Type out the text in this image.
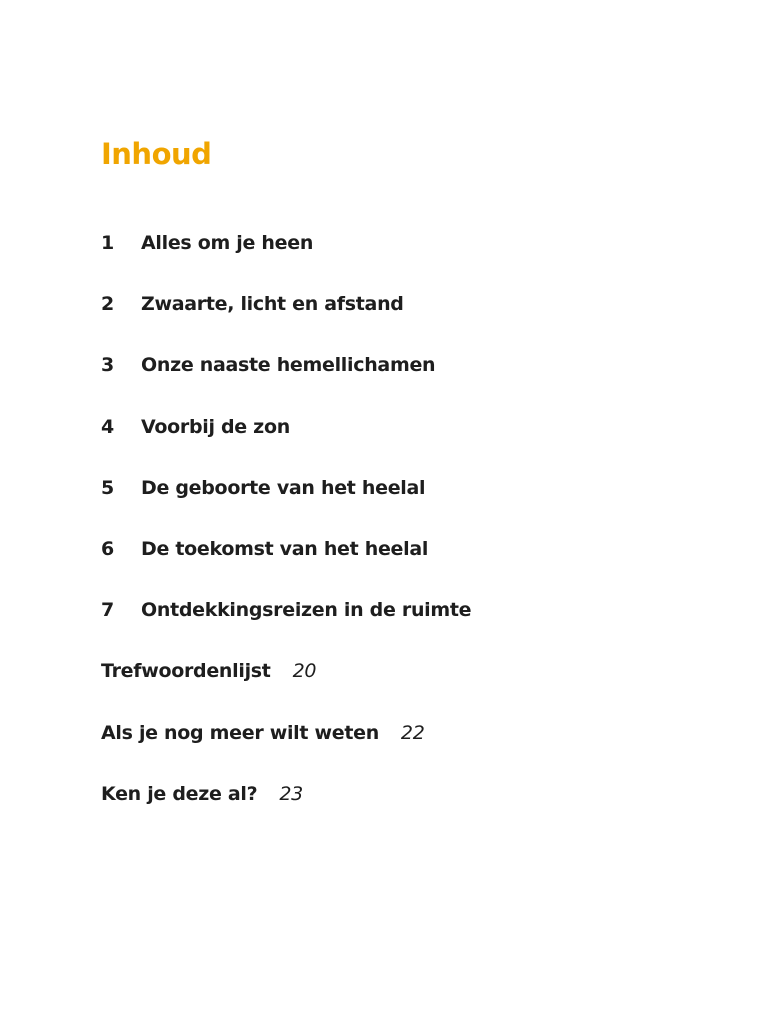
Inhoud
1	Alles om je heen
2	Zwaarte, licht en afstand
3	Onze naaste hemellichamen
4	Voorbij de zon
5	De geboorte van het heelal
6	De toekomst van het heelal
7	Ontdekkingsreizen in de ruimte
Trefwoordenlijst 20
Als je nog meer wilt weten 22
Ken je deze al? 23
